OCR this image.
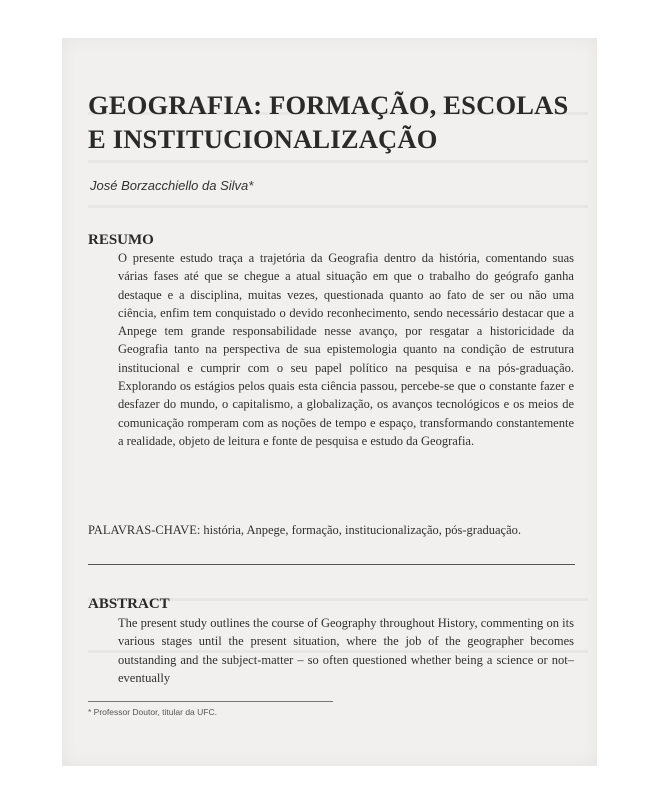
GEOGRAFIA: FORMAÇÃO, ESCOLAS
E INSTITUCIONALIZAÇÃO
José Borzacchiello da Silva*
RESUMO

O presente estudo traça a trajetória da Geografia dentro da história, comentando suas várias fases até que se chegue a atual situação em que o trabalho do geógrafo ganha destaque e a disciplina, muitas vezes, questionada quanto ao fato de ser ou não uma ciência, enfim tem conquistado o devido reconhecimento, sendo necessário destacar que a Anpege tem grande responsabilidade nesse avanço, por resgatar a historicidade da Geografia tanto na perspectiva de sua epistemologia quanto na condição de estrutura institucional e cumprir com o seu papel político na pesquisa e na pós-graduação. Explorando os estágios pelos quais esta ciência passou, percebe-se que o constante fazer e desfazer do mundo, o capitalismo, a globalização, os avanços tecnológicos e os meios de comunicação romperam com as noções de tempo e espaço, transformando constantemente a realidade, objeto de leitura e fonte de pesquisa e estudo da Geografia.

PALAVRAS-CHAVE: história, Anpege, formação, institucionalização, pós-graduação.

ABSTRACT

The present study outlines the course of Geography throughout History, commenting on its various stages until the present situation, where the job of the geographer becomes outstanding and the subject-matter – so often questioned whether being a science or not– eventually

* Professor Doutor, titular da UFC.
